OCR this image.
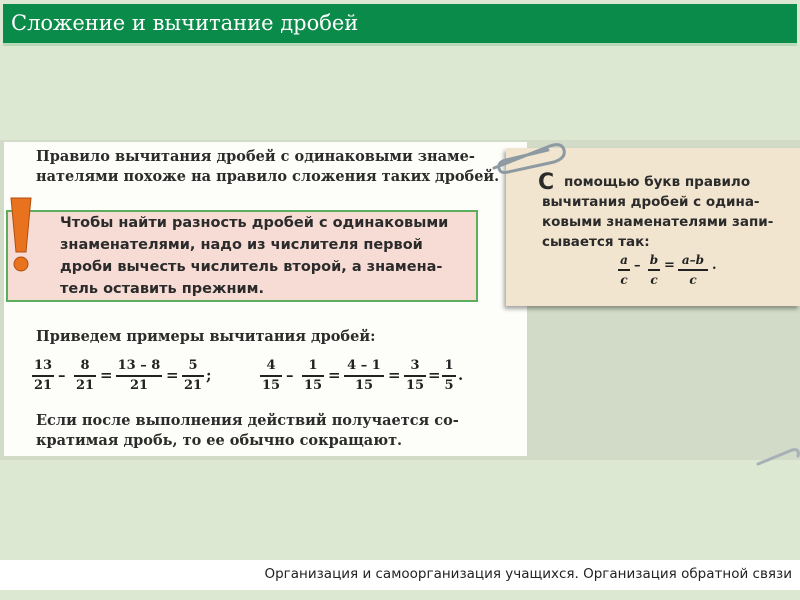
Сложение и вычитание дробей
Правило вычитания дробей с одинаковыми знаме-
нателями похоже на правило сложения таких дробей.
Чтобы найти разность дробей с одинаковыми
знаменателями, надо из числителя первой
дроби вычесть числитель второй, а знамена-
тель оставить прежним.
Приведем примеры вычитания дробей:
13
21
–
8
21
=
13 – 8
21
=
5
21
;
4
15
–
1
15
=
4 – 1
15
=
3
15
=
1
5
.
Если после выполнения действий получается со-
кратимая дробь, то ее обычно сокращают.
С помощью букв правило
вычитания дробей с одина-
ковыми знаменателями запи-
сывается так:
a
c
– b
c
= a–b
c
.
Организация и самоорганизация учащихся. Организация обратной связи
